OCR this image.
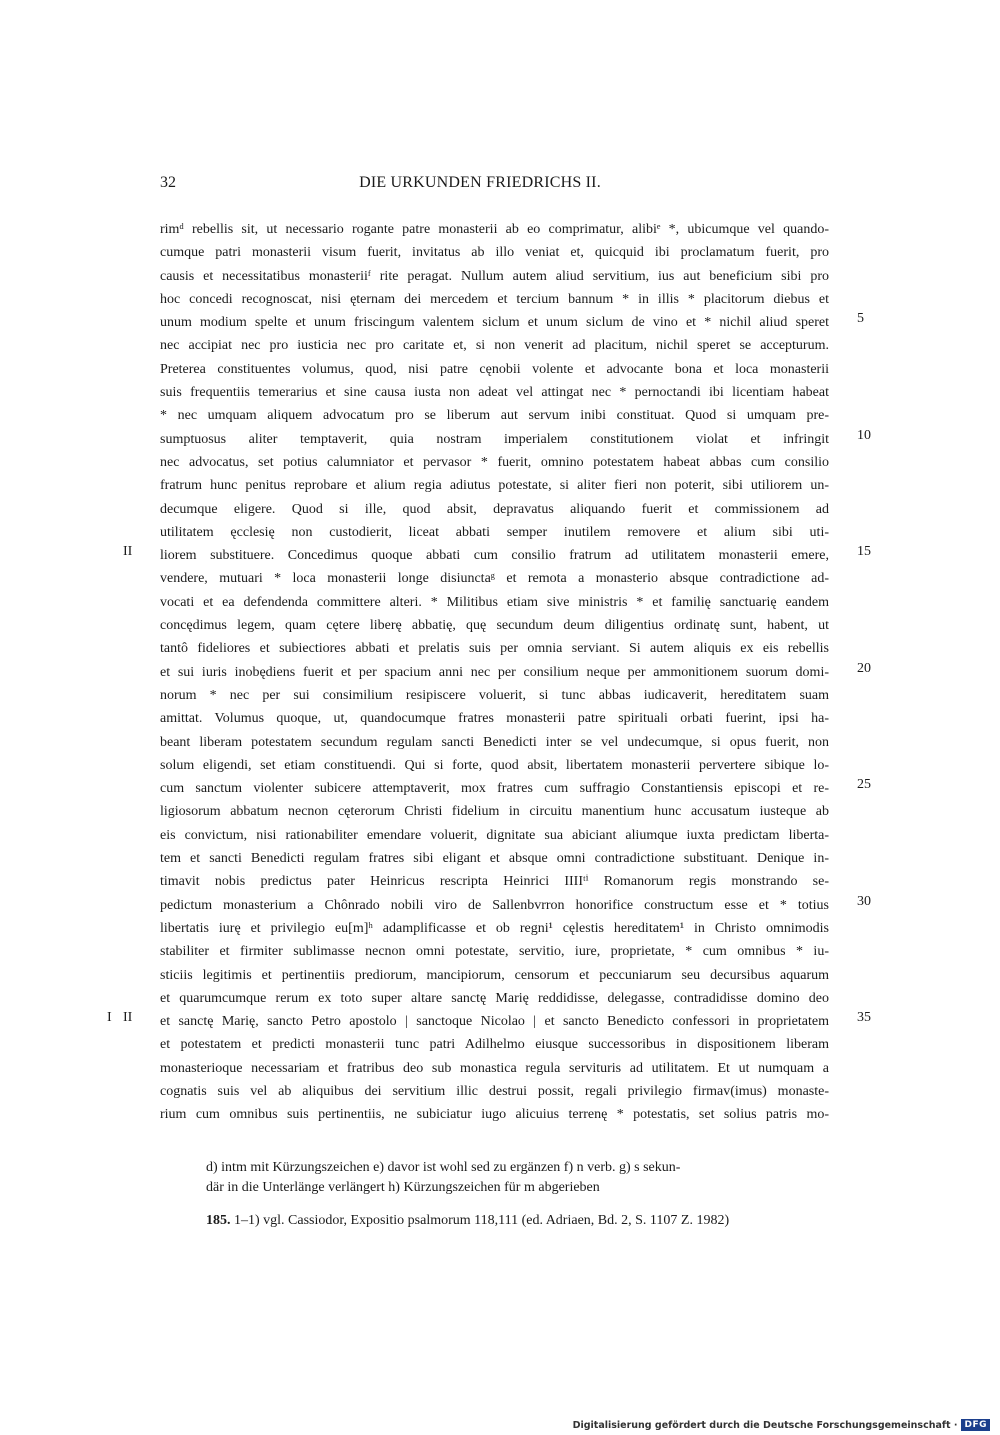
32	DIE URKUNDEN FRIEDRICHS II.
rimᵈ rebellis sit, ut necessario rogante patre monasterii ab eo comprimatur, alibiᵉ *, ubicumque vel quando-
cumque patri monasterii visum fuerit, invitatus ab illo veniat et, quicquid ibi proclamatum fuerit, pro
causis et necessitatibus monasteriiᶠ rite peragat. Nullum autem aliud servitium, ius aut beneficium sibi pro
hoc concedi recognoscat, nisi ęternam dei mercedem et tercium bannum * in illis * placitorum diebus et
unum modium spelte et unum friscingum valentem siclum et unum siclum de vino et * nichil aliud speret
nec accipiat nec pro iusticia nec pro caritate et, si non venerit ad placitum, nichil speret se accepturum.
Preterea constituentes volumus, quod, nisi patre cęnobii volente et advocante bona et loca monasterii
suis frequentiis temerarius et sine causa iusta non adeat vel attingat nec * pernoctandi ibi licentiam habeat
* nec umquam aliquem advocatum pro se liberum aut servum inibi constituat. Quod si umquam pre-
sumptuosus aliter temptaverit, quia nostram imperialem constitutionem violat et infringit
nec advocatus, set potius calumniator et pervasor * fuerit, omnino potestatem habeat abbas cum consilio
fratrum hunc penitus reprobare et alium regia adiutus potestate, si aliter fieri non poterit, sibi utiliorem un-
decumque eligere. Quod si ille, quod absit, depravatus aliquando fuerit et commissionem ad
utilitatem ęcclesię non custodierit, liceat abbati semper inutilem removere et alium sibi uti-
liorem substituere. Concedimus quoque abbati cum consilio fratrum ad utilitatem monasterii emere,
vendere, mutuari * loca monasterii longe disiunctaᵍ et remota a monasterio absque contradictione ad-
vocati et ea defendenda committere alteri. * Militibus etiam sive ministris * et familię sanctuarię eandem
concędimus legem, quam cętere liberę abbatię, quę secundum deum diligentius ordinatę sunt, habent, ut
tantô fideliores et subiectiores abbati et prelatis suis per omnia serviant. Si autem aliquis ex eis rebellis
et sui iuris inobędiens fuerit et per spacium anni nec per consilium neque per ammonitionem suorum domi-
norum * nec per sui consimilium resipiscere voluerit, si tunc abbas iudicaverit, hereditatem suam
amittat. Volumus quoque, ut, quandocumque fratres monasterii patre spirituali orbati fuerint, ipsi ha-
beant liberam potestatem secundum regulam sancti Benedicti inter se vel undecumque, si opus fuerit, non
solum eligendi, set etiam constituendi. Qui si forte, quod absit, libertatem monasterii pervertere sibique lo-
cum sanctum violenter subicere attemptaverit, mox fratres cum suffragio Constantiensis episcopi et re-
ligiosorum abbatum necnon cęterorum Christi fidelium in circuitu manentium hunc accusatum iusteque ab
eis convictum, nisi rationabiliter emendare voluerit, dignitate sua abiciant aliumque iuxta predictam liberta-
tem et sancti Benedicti regulam fratres sibi eligant et absque omni contradictione substituant. Denique in-
timavit nobis predictus pater Heinricus rescripta Heinrici IIIIᵗⁱ Romanorum regis monstrando se-
pedictum monasterium a Chônrado nobili viro de Sallenbvrron honorifice constructum esse et * totius
libertatis iurę et privilegio eu[m]ʰ adamplificasse et ob regni¹ cęlestis hereditatem¹ in Christo omnimodis
stabiliter et firmiter sublimasse necnon omni potestate, servitio, iure, proprietate, * cum omnibus * iu-
sticiis legitimis et pertinentiis prediorum, mancipiorum, censorum et peccuniarum seu decursibus aquarum
et quarumcumque rerum ex toto super altare sanctę Marię reddidisse, delegasse, contradidisse domino deo
et sanctę Marię, sancto Petro apostolo | sanctoque Nicolao | et sancto Benedicto confessori in proprietatem
et potestatem et predicti monasterii tunc patri Adilhelmo eiusque successoribus in dispositionem liberam
monasterioque necessariam et fratribus deo sub monastica regula servituris ad utilitatem. Et ut numquam a
cognatis suis vel ab aliquibus dei servitium illic destrui possit, regali privilegio firmav(imus) monaste-
rium cum omnibus suis pertinentiis, ne subiciatur iugo alicuius terrenę * potestatis, set solius patris mo-
5
10
15
20
25
30
35
II
I II
d) intm mit Kürzungszeichen e) davor ist wohl sed zu ergänzen f) n verb. g) s sekun-
där in die Unterlänge verlängert h) Kürzungszeichen für m abgerieben
185. 1–1) vgl. Cassiodor, Expositio psalmorum 118,111 (ed. Adriaen, Bd. 2, S. 1107 Z. 1982)
Digitalisierung gefördert durch die Deutsche Forschungsgemeinschaft · DFG
